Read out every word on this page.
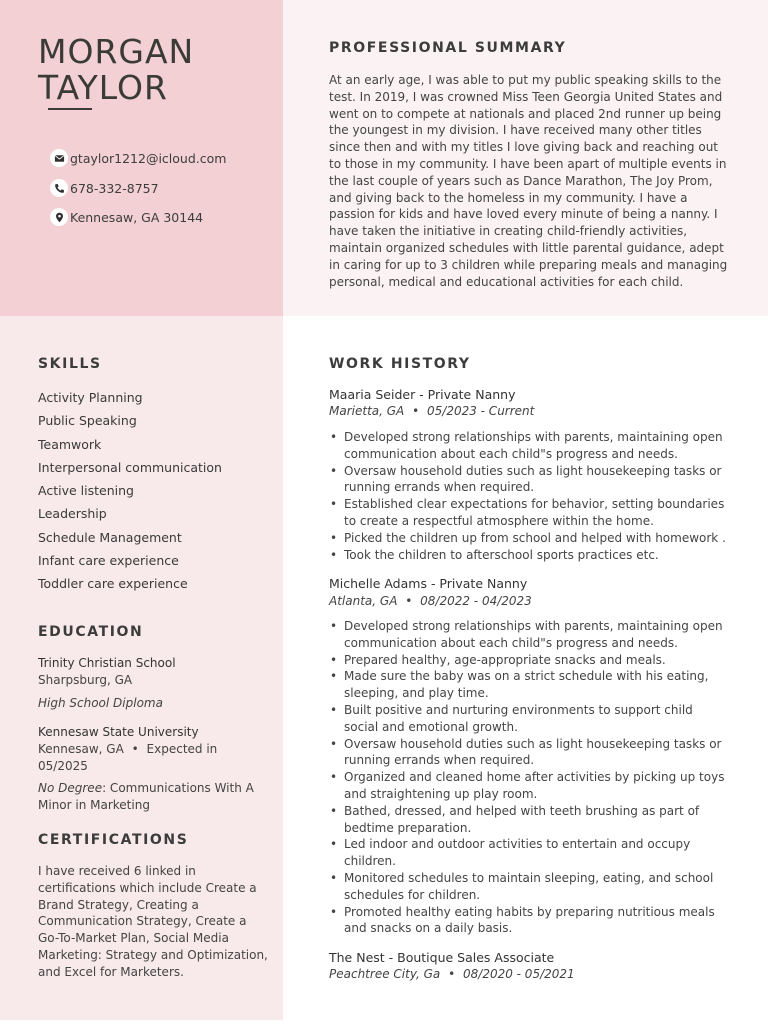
MORGAN
TAYLOR
gtaylor1212@icloud.com
678-332-8757
Kennesaw, GA 30144
PROFESSIONAL SUMMARY
At an early age, I was able to put my public speaking skills to the test. In 2019, I was crowned Miss Teen Georgia United States and went on to compete at nationals and placed 2nd runner up being the youngest in my division. I have received many other titles since then and with my titles I love giving back and reaching out to those in my community. I have been apart of multiple events in the last couple of years such as Dance Marathon, The Joy Prom, and giving back to the homeless in my community. I have a passion for kids and have loved every minute of being a nanny. I have taken the initiative in creating child-friendly activities, maintain organized schedules with little parental guidance, adept in caring for up to 3 children while preparing meals and managing personal, medical and educational activities for each child.
SKILLS
Activity Planning
Public Speaking
Teamwork
Interpersonal communication
Active listening
Leadership
Schedule Management
Infant care experience
Toddler care experience
EDUCATION
Trinity Christian School
Sharpsburg, GA
High School Diploma
Kennesaw State University
Kennesaw, GA • Expected in 05/2025
No Degree: Communications With A Minor in Marketing
CERTIFICATIONS
I have received 6 linked in certifications which include Create a Brand Strategy, Creating a Communication Strategy, Create a Go-To-Market Plan, Social Media Marketing: Strategy and Optimization, and Excel for Marketers.
WORK HISTORY
Maaria Seider - Private Nanny
Marietta, GA • 05/2023 - Current
• Developed strong relationships with parents, maintaining open communication about each child"s progress and needs.
• Oversaw household duties such as light housekeeping tasks or running errands when required.
• Established clear expectations for behavior, setting boundaries to create a respectful atmosphere within the home.
• Picked the children up from school and helped with homework .
• Took the children to afterschool sports practices etc.
Michelle Adams - Private Nanny
Atlanta, GA • 08/2022 - 04/2023
• Developed strong relationships with parents, maintaining open communication about each child"s progress and needs.
• Prepared healthy, age-appropriate snacks and meals.
• Made sure the baby was on a strict schedule with his eating, sleeping, and play time.
• Built positive and nurturing environments to support child social and emotional growth.
• Oversaw household duties such as light housekeeping tasks or running errands when required.
• Organized and cleaned home after activities by picking up toys and straightening up play room.
• Bathed, dressed, and helped with teeth brushing as part of bedtime preparation.
• Led indoor and outdoor activities to entertain and occupy children.
• Monitored schedules to maintain sleeping, eating, and school schedules for children.
• Promoted healthy eating habits by preparing nutritious meals and snacks on a daily basis.
The Nest - Boutique Sales Associate
Peachtree City, Ga • 08/2020 - 05/2021
